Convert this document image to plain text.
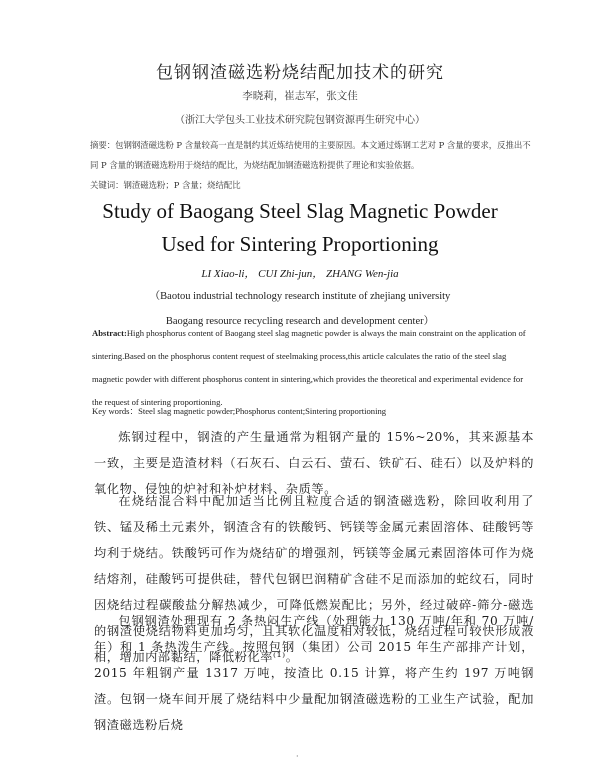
包钢钢渣磁选粉烧结配加技术的研究
李晓莉，崔志军，张文佳
（浙江大学包头工业技术研究院包钢资源再生研究中心）
摘要：包钢钢渣磁选粉 P 含量较高一直是制约其近炼结使用的主要原因。本文通过炼钢工艺对 P 含量的要求，反推出不同 P 含量的钢渣磁选粉用于烧结的配比，为烧结配加钢渣磁选粉提供了理论和实验依据。
关键词：钢渣磁选粉；P 含量；烧结配比
Study of Baogang Steel Slag Magnetic Powder
Used for Sintering Proportioning
LI Xiao-li， CUI Zhi-jun， ZHANG Wen-jia
（Baotou industrial technology research institute of zhejiang university
Baogang resource recycling research and development center）
Abstract:High phosphorus content of Baogang steel slag magnetic powder is always the main constraint on the application of sintering.Based on the phosphorus content request of steelmaking process,this article calculates the ratio of the steel slag magnetic powder with different phosphorus content in sintering,which provides the theoretical and experimental evidence for the request of sintering proportioning.
Key words：Steel slag magnetic powder;Phosphorus content;Sintering proportioning
炼钢过程中，钢渣的产生量通常为粗钢产量的 15%~20%，其来源基本一致，主要是造渣材料（石灰石、白云石、萤石、铁矿石、硅石）以及炉料的氧化物、侵蚀的炉衬和补炉材料、杂质等。
在烧结混合料中配加适当比例且粒度合适的钢渣磁选粉，除回收利用了铁、锰及稀土元素外，钢渣含有的铁酸钙、钙镁等金属元素固溶体、硅酸钙等均利于烧结。铁酸钙可作为烧结矿的增强剂，钙镁等金属元素固溶体可作为烧结熔剂，硅酸钙可提供硅，替代包钢巴润精矿含硅不足而添加的蛇纹石，同时因烧结过程碳酸盐分解热减少，可降低燃炭配比；另外，经过破碎-筛分-磁选的钢渣使烧结物料更加均匀，且其软化温度相对较低，烧结过程可较快形成液相，增加内部黏结，降低粉化率⁽¹⁾。
包钢钢渣处理现有 2 条热闷生产线（处理能力 130 万吨/年和 70 万吨/年）和 1 条热泼生产线。按照包钢（集团）公司 2015 年生产部排产计划，2015 年粗钢产量 1317 万吨，按渣比 0.15 计算，将产生约 197 万吨钢渣。包钢一烧车间开展了烧结料中少量配加钢渣磁选粉的工业生产试验，配加钢渣磁选粉后烧
·
